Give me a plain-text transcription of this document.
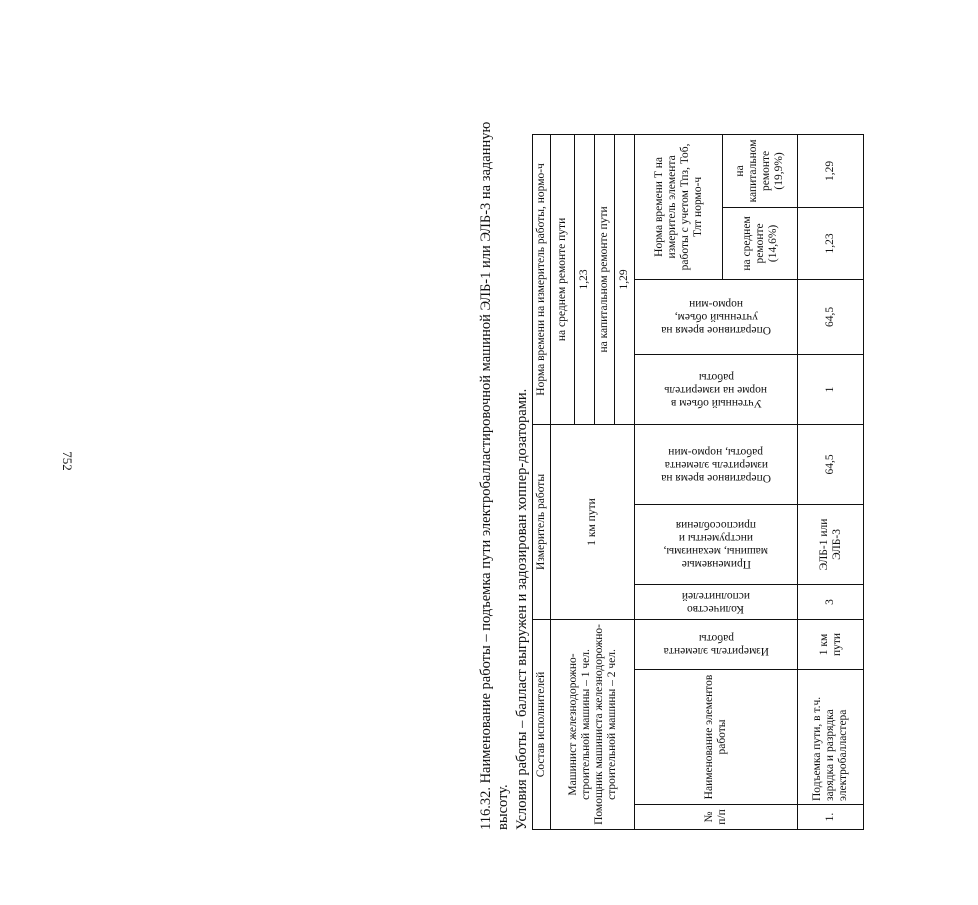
752	116.32. Наименование работы – подъемка пути электробалластировочной машиной ЭЛБ-1 или ЭЛБ-3 на заданную высоту. Условия работы – балласт выгружен и задозирован хоппер-дозаторами. Состав исполнителей			Измеритель работы			Норма времени на измеритель работы, нормо-ч			

Машинист железнодорожно-строительной машины – 1 чел. Помощник машиниста железнодорожно-строительной машины – 2 чел.			1 км пути			на среднем ремонте пути			
						1,23			
						на капитальном ремонте пути			
						1,29			
№ п/п	Наименование элементов работы	Измеритель элемента работы	Количество исполнителей	Применяемые машины, механизмы, инструменты и приспособления	Оперативное время на измеритель элемента работы, нормо-мин	Учтенный объем в норме на измеритель работы	Оперативное время на учтенный объем, нормо-мин	Норма времени Т на измеритель элемента работы с учетом Тпз, Тоб, Тлт нормо-ч	
								на среднем ремонте (14,6%)	на капитальном ремонте (19,9%)
1.	Подъемка пути, в т.ч. зарядка и разрядка электробалластера	1 км пути	3	ЭЛБ-1 или ЭЛБ-3	64,5	1	64,5	1,23	1,29
